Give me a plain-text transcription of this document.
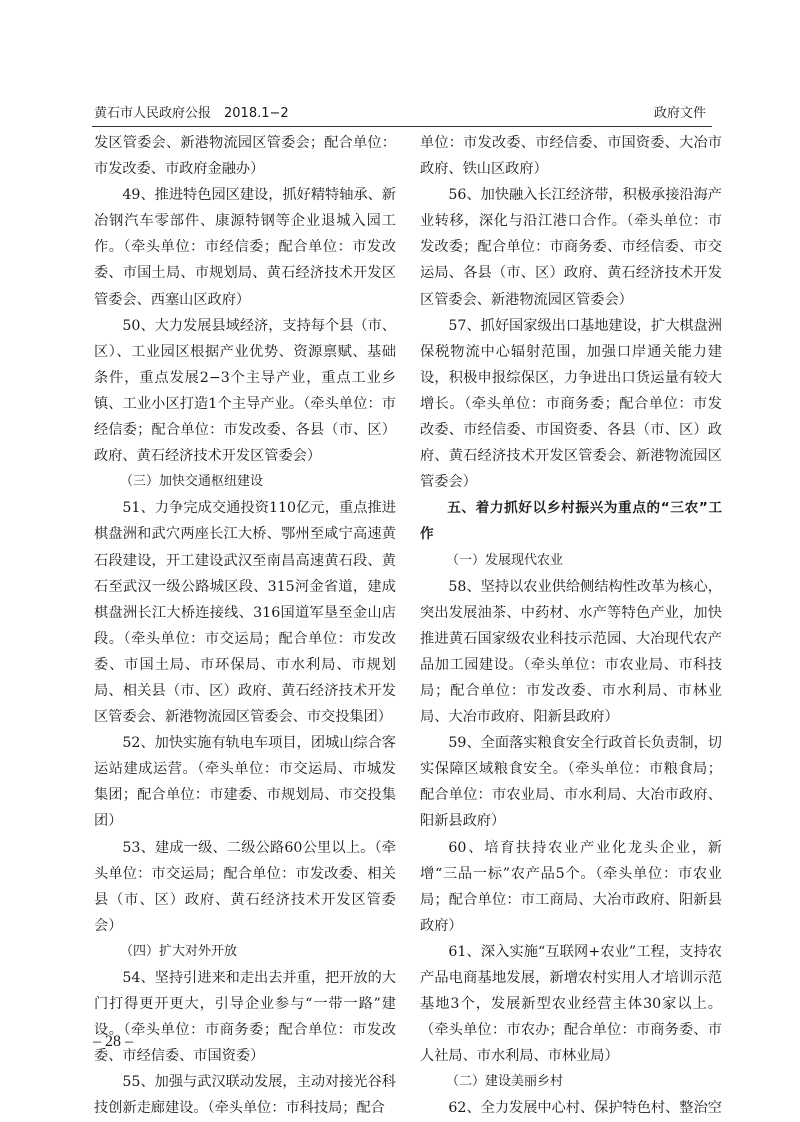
黄石市人民政府公报　2018.1−2	政府文件

发区管委会、新港物流园区管委会；配合单位：市发改委、市政府金融办）

49、推进特色园区建设，抓好精特轴承、新冶钢汽车零部件、康源特钢等企业退城入园工作。（牵头单位：市经信委；配合单位：市发改委、市国土局、市规划局、黄石经济技术开发区管委会、西塞山区政府）

50、大力发展县域经济，支持每个县（市、区）、工业园区根据产业优势、资源禀赋、基础条件，重点发展2−3个主导产业，重点工业乡镇、工业小区打造1个主导产业。（牵头单位：市经信委；配合单位：市发改委、各县（市、区）政府、黄石经济技术开发区管委会）

（三）加快交通枢纽建设

51、力争完成交通投资110亿元，重点推进棋盘洲和武穴两座长江大桥、鄂州至咸宁高速黄石段建设，开工建设武汉至南昌高速黄石段、黄石至武汉一级公路城区段、315河金省道，建成棋盘洲长江大桥连接线、316国道军垦至金山店段。（牵头单位：市交运局；配合单位：市发改委、市国土局、市环保局、市水利局、市规划局、相关县（市、区）政府、黄石经济技术开发区管委会、新港物流园区管委会、市交投集团）

52、加快实施有轨电车项目，团城山综合客运站建成运营。（牵头单位：市交运局、市城发集团；配合单位：市建委、市规划局、市交投集团）

53、建成一级、二级公路60公里以上。（牵头单位：市交运局；配合单位：市发改委、相关县（市、区）政府、黄石经济技术开发区管委会）

（四）扩大对外开放

54、坚持引进来和走出去并重，把开放的大门打得更开更大，引导企业参与“一带一路”建设。（牵头单位：市商务委；配合单位：市发改委、市经信委、市国资委）

55、加强与武汉联动发展，主动对接光谷科技创新走廊建设。（牵头单位：市科技局；配合

单位：市发改委、市经信委、市国资委、大冶市政府、铁山区政府）

56、加快融入长江经济带，积极承接沿海产业转移，深化与沿江港口合作。（牵头单位：市发改委；配合单位：市商务委、市经信委、市交运局、各县（市、区）政府、黄石经济技术开发区管委会、新港物流园区管委会）

57、抓好国家级出口基地建设，扩大棋盘洲保税物流中心辐射范围，加强口岸通关能力建设，积极申报综保区，力争进出口货运量有较大增长。（牵头单位：市商务委；配合单位：市发改委、市经信委、市国资委、各县（市、区）政府、黄石经济技术开发区管委会、新港物流园区管委会）

五、着力抓好以乡村振兴为重点的“三农”工作

（一）发展现代农业

58、坚持以农业供给侧结构性改革为核心，突出发展油茶、中药材、水产等特色产业，加快推进黄石国家级农业科技示范园、大冶现代农产品加工园建设。（牵头单位：市农业局、市科技局；配合单位：市发改委、市水利局、市林业局、大冶市政府、阳新县政府）

59、全面落实粮食安全行政首长负责制，切实保障区域粮食安全。（牵头单位：市粮食局；配合单位：市农业局、市水利局、大冶市政府、阳新县政府）

60、培育扶持农业产业化龙头企业，新增“三品一标”农产品5个。（牵头单位：市农业局；配合单位：市工商局、大冶市政府、阳新县政府）

61、深入实施“互联网+农业”工程，支持农产品电商基地发展，新增农村实用人才培训示范基地3个，发展新型农业经营主体30家以上。（牵头单位：市农办；配合单位：市商务委、市人社局、市水利局、市林业局）

（二）建设美丽乡村

62、全力发展中心村、保护特色村、整治空

– 28 –
